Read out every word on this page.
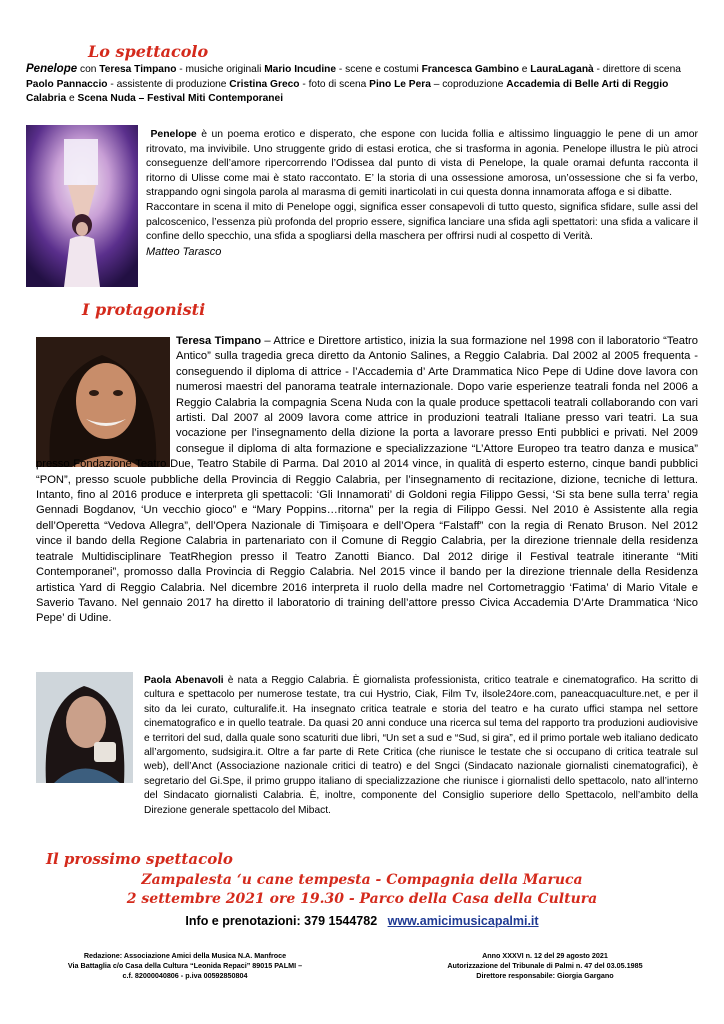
Lo spettacolo

Penelope con Teresa Timpano - musiche originali Mario Incudine - scene e costumi Francesca Gambino e LauraLaganà - direttore di scena Paolo Pannaccio - assistente di produzione Cristina Greco - foto di scena Pino Le Pera – coproduzione Accademia di Belle Arti di Reggio Calabria e Scena Nuda – Festival Miti Contemporanei

Penelope è un poema erotico e disperato, che espone con lucida follia e altissimo linguaggio le pene di un amor ritrovato, ma invivibile. Uno struggente grido di estasi erotica, che si trasforma in agonia. Penelope illustra le più atroci conseguenze dell’amore ripercorrendo l’Odissea dal punto di vista di Penelope, la quale oramai defunta racconta il ritorno di Ulisse come mai è stato raccontato. E’ la storia di una ossessione amorosa, un’ossessione che si fa verbo, strappando ogni singola parola al marasma di gemiti inarticolati in cui questa donna innamorata affoga e si dibatte.

Raccontare in scena il mito di Penelope oggi, significa esser consapevoli di tutto questo, significa sfidare, sulle assi del palcoscenico, l’essenza più profonda del proprio essere, significa lanciare una sfida agli spettatori: una sfida a valicare il confine dello specchio, una sfida a spogliarsi della maschera per offrirsi nudi al cospetto di Verità.

Matteo Tarasco

I protagonisti

Teresa Timpano – Attrice e Direttore artistico, inizia la sua formazione nel 1998 con il laboratorio “Teatro Antico” sulla tragedia greca diretto da Antonio Salines, a Reggio Calabria. Dal 2002 al 2005 frequenta - conseguendo il diploma di attrice - l’Accademia d’ Arte Drammatica Nico Pepe di Udine dove lavora con numerosi maestri del panorama teatrale internazionale. Dopo varie esperienze teatrali fonda nel 2006 a Reggio Calabria la compagnia Scena Nuda con la quale produce spettacoli teatrali collaborando con vari artisti. Dal 2007 al 2009 lavora come attrice in produzioni teatrali Italiane presso vari teatri. La sua vocazione per l’insegnamento della dizione la porta a lavorare presso Enti pubblici e privati. Nel 2009 consegue il diploma di alta formazione e specializzazione “L’Attore Europeo tra teatro danza e musica” presso Fondazione Teatro Due, Teatro Stabile di Parma. Dal 2010 al 2014 vince, in qualità di esperto esterno, cinque bandi pubblici “PON”, presso scuole pubbliche della Provincia di Reggio Calabria, per l’insegnamento di recitazione, dizione, tecniche di lettura. Intanto, fino al 2016 produce e interpreta gli spettacoli: ‘Gli Innamorati’ di Goldoni regia Filippo Gessi, ‘Si sta bene sulla terra’ regia Gennadi Bogdanov, ‘Un vecchio gioco” e “Mary Poppins…ritorna” per la regia di Filippo Gessi. Nel 2010 è Assistente alla regia dell’Operetta “Vedova Allegra”, dell’Opera Nazionale di Timișoara e dell’Opera “Falstaff” con la regia di Renato Bruson. Nel 2012 vince il bando della Regione Calabria in partenariato con il Comune di Reggio Calabria, per la direzione triennale della residenza teatrale Multidisciplinare TeatRhegion presso il Teatro Zanotti Bianco. Dal 2012 dirige il Festival teatrale itinerante “Miti Contemporanei”, promosso dalla Provincia di Reggio Calabria. Nel 2015 vince il bando per la direzione triennale della Residenza artistica Yard di Reggio Calabria. Nel dicembre 2016 interpreta il ruolo della madre nel Cortometraggio ‘Fatima’ di Mario Vitale e Saverio Tavano. Nel gennaio 2017 ha diretto il laboratorio di training dell’attore presso Civica Accademia D’Arte Drammatica ‘Nico Pepe’ di Udine.

Paola Abenavoli è nata a Reggio Calabria. È giornalista professionista, critico teatrale e cinematografico. Ha scritto di cultura e spettacolo per numerose testate, tra cui Hystrio, Ciak, Film Tv, ilsole24ore.com, paneacquaculture.net, e per il sito da lei curato, culturalife.it. Ha insegnato critica teatrale e storia del teatro e ha curato uffici stampa nel settore cinematografico e in quello teatrale. Da quasi 20 anni conduce una ricerca sul tema del rapporto tra produzioni audiovisive e territori del sud, dalla quale sono scaturiti due libri, “Un set a sud e “Sud, si gira”, ed il primo portale web italiano dedicato all’argomento, sudsigira.it. Oltre a far parte di Rete Critica (che riunisce le testate che si occupano di critica teatrale sul web), dell’Anct (Associazione nazionale critici di teatro) e del Sngci (Sindacato nazionale giornalisti cinematografici), è segretario del Gi.Spe, il primo gruppo italiano di specializzazione che riunisce i giornalisti dello spettacolo, nato all’interno del Sindacato giornalisti Calabria. È, inoltre, componente del Consiglio superiore dello Spettacolo, nell’ambito della Direzione generale spettacolo del Mibact.

Il prossimo spettacolo

Zampalesta ‘u cane tempesta - Compagnia della Maruca

2 settembre 2021 ore 19.30 - Parco della Casa della Cultura

Info e prenotazioni: 379 1544782 www.amicimusicapalmi.it

Redazione: Associazione Amici della Musica N.A. Manfroce
Via Battaglia c/o Casa della Cultura “Leonida Repaci” 89015 PALMI –
c.f. 82000040806 - p.iva 00592850804
Anno XXXVI n. 12 del 29 agosto 2021
Autorizzazione del Tribunale di Palmi n. 47 del 03.05.1985
Direttore responsabile: Giorgia Gargano
